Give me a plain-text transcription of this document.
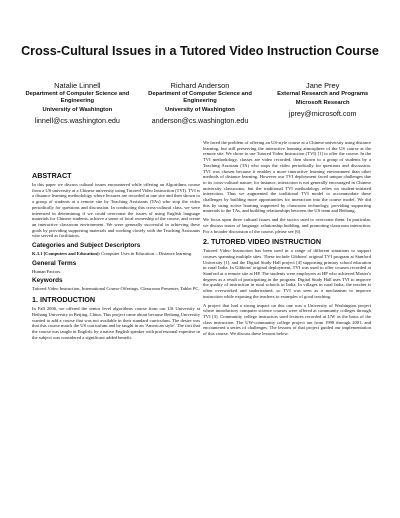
Cross-Cultural Issues in a Tutored Video Instruction Course
Natalie Linnell
Department of Computer Science and Engineering
University of Washington
linnell@cs.washington.edu
Richard Anderson
Department of Computer Science and Engineering
University of Washington
anderson@cs.washington.edu
Jane Prey
External Research and Programs
Microsoft Research
jprey@microsoft.com
ABSTRACT

In this paper we discuss cultural issues encountered while offering an Algorithms course from a US university at a Chinese university using Tutored Video Instruction (TVI). TVI is a distance learning methodology where lectures are recorded at one site and then shown to a group of students at a remote site by Teaching Assistants (TAs) who stop the video periodically for questions and discussion. In conducting this cross-cultural class, we were interested in determining if we could overcome the issues of using English language materials for Chinese students, achieve a sense of local ownership of the course, and create an interactive classroom environment. We were generally successful in achieving these goals by providing supporting materials and working closely with the Teaching Assistants who served as facilitators.

Categories and Subject Descriptors

K.3.1 [Computers and Education]: Computer Uses in Education – Distance learning.

General Terms

Human Factors.

Keywords

Tutored Video Instruction, International Course Offerings, Classroom Presenter, Tablet PC.

1. INTRODUCTION

In Fall 2006, we offered the senior level algorithms course from our US University at Beihang University in Beijing, China. This project came about because Beihang University wanted to add a course that was not available in their standard curriculum. The desire was that this course match the US curriculum and be taught in an 'American style'. The fact that the course was taught in English, by a native English speaker with professional expertise in the subject was considered a significant added benefit.

We faced the problem of offering an US-style course at a Chinese university using distance learning, but still preserving the interactive learning atmosphere of the US course at the remote site. We chose to use Tutored Video Instruction (TVI) [1] to offer the course. In the TVI methodology, classes are video recorded, then shown to a group of students by a Teaching Assistant (TA) who stops the video periodically for questions and discussion. TVI was chosen because it enables a more interactive learning environment than other methods of distance learning. However our TVI deployment faced unique challenges due to its cross-cultural nature; for instance, interaction is not generally encouraged in Chinese university classrooms, but the traditional TVI methodology relies on student-initiated interaction. Thus we augmented the traditional TVI model to accommodate these challenges by building more opportunities for interaction into the course model. We did this by using active learning supported by classroom technology, providing supporting materials to the TAs, and building relationships between the US team and Beihang.

We focus upon three cultural issues and the tactics used to overcome them. In particular, we discuss issues of language, relationship building, and promoting classroom interaction. For a broader discussion of the course, please see [6].

2. TUTORED VIDEO INSTRUCTION

Tutored Video Instruction has been used in a range of different situations to support courses spanning multiple sites. These include Gibbons' original TVI program at Stanford University [1], and the Digital Study Hall project [4] supporting primary school education in rural India. In Gibbons' original deployment, TVI was used to offer courses recorded at Stanford at a remote site at HP. The students were employees at HP who achieved Master's degrees as a result of participating in the program. Digital Study Hall uses TVI to improve the quality of instruction in rural schools in India. In villages in rural India, the teacher is often overworked and undertrained, so TVI was seen as a mechanism to improve instruction while exposing the teachers to examples of good teaching.

A project that had a strong impact on this one was a University of Washington project where introductory computer science courses were offered at community colleges through TVI [3]. Community college instructors used lectures recorded at UW as the basis of the class instruction. The UW-community college project ran from 1998 through 2001, and encountered a series of challenges. The lessons of that project guided our implementation of this course. We discuss these lessons below.
